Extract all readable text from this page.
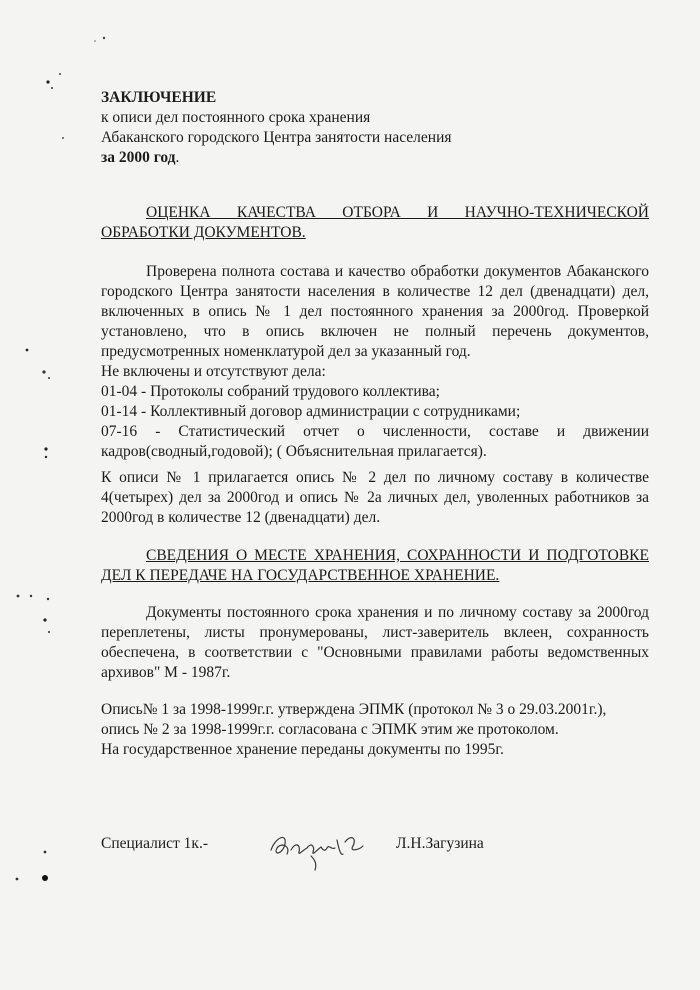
ЗАКЛЮЧЕНИЕ
к описи дел постоянного срока хранения
Абаканского городского Центра занятости населения
за 2000 год.
ОЦЕНКА КАЧЕСТВА ОТБОРА И НАУЧНО-ТЕХНИЧЕСКОЙ ОБРАБОТКИ ДОКУМЕНТОВ.

Проверена полнота состава и качество обработки документов Абаканского городского Центра занятости населения в количестве 12 дел (двенадцати) дел, включенных в опись № 1 дел постоянного хранения за 2000год. Проверкой установлено, что в опись включен не полный перечень документов, предусмотренных номенклатурой дел за указанный год.

Не включены и отсутствуют дела:

01-04 - Протоколы собраний трудового коллектива;

01-14 - Коллективный договор администрации с сотрудниками;

07-16 - Статистический отчет о численности, составе и движении кадров(сводный,годовой); ( Объяснительная прилагается).

К описи № 1 прилагается опись № 2 дел по личному составу в количестве 4(четырех) дел за 2000год и опись № 2а личных дел, уволенных работников за 2000год в количестве 12 (двенадцати) дел.

СВЕДЕНИЯ О МЕСТЕ ХРАНЕНИЯ, СОХРАННОСТИ И ПОДГОТОВКЕ ДЕЛ К ПЕРЕДАЧЕ НА ГОСУДАРСТВЕННОЕ ХРАНЕНИЕ.

Документы постоянного срока хранения и по личному составу за 2000год переплетены, листы пронумерованы, лист-заверитель вклеен, сохранность обеспечена, в соответствии с "Основными правилами работы ведомственных архивов" М - 1987г.

Опись№ 1 за 1998-1999г.г. утверждена ЭПМК (протокол № 3 о 29.03.2001г.),

опись № 2 за 1998-1999г.г. согласована с ЭПМК этим же протоколом.

На государственное хранение переданы документы по 1995г.

Специалист 1к.-	Л.Н.Загузина
